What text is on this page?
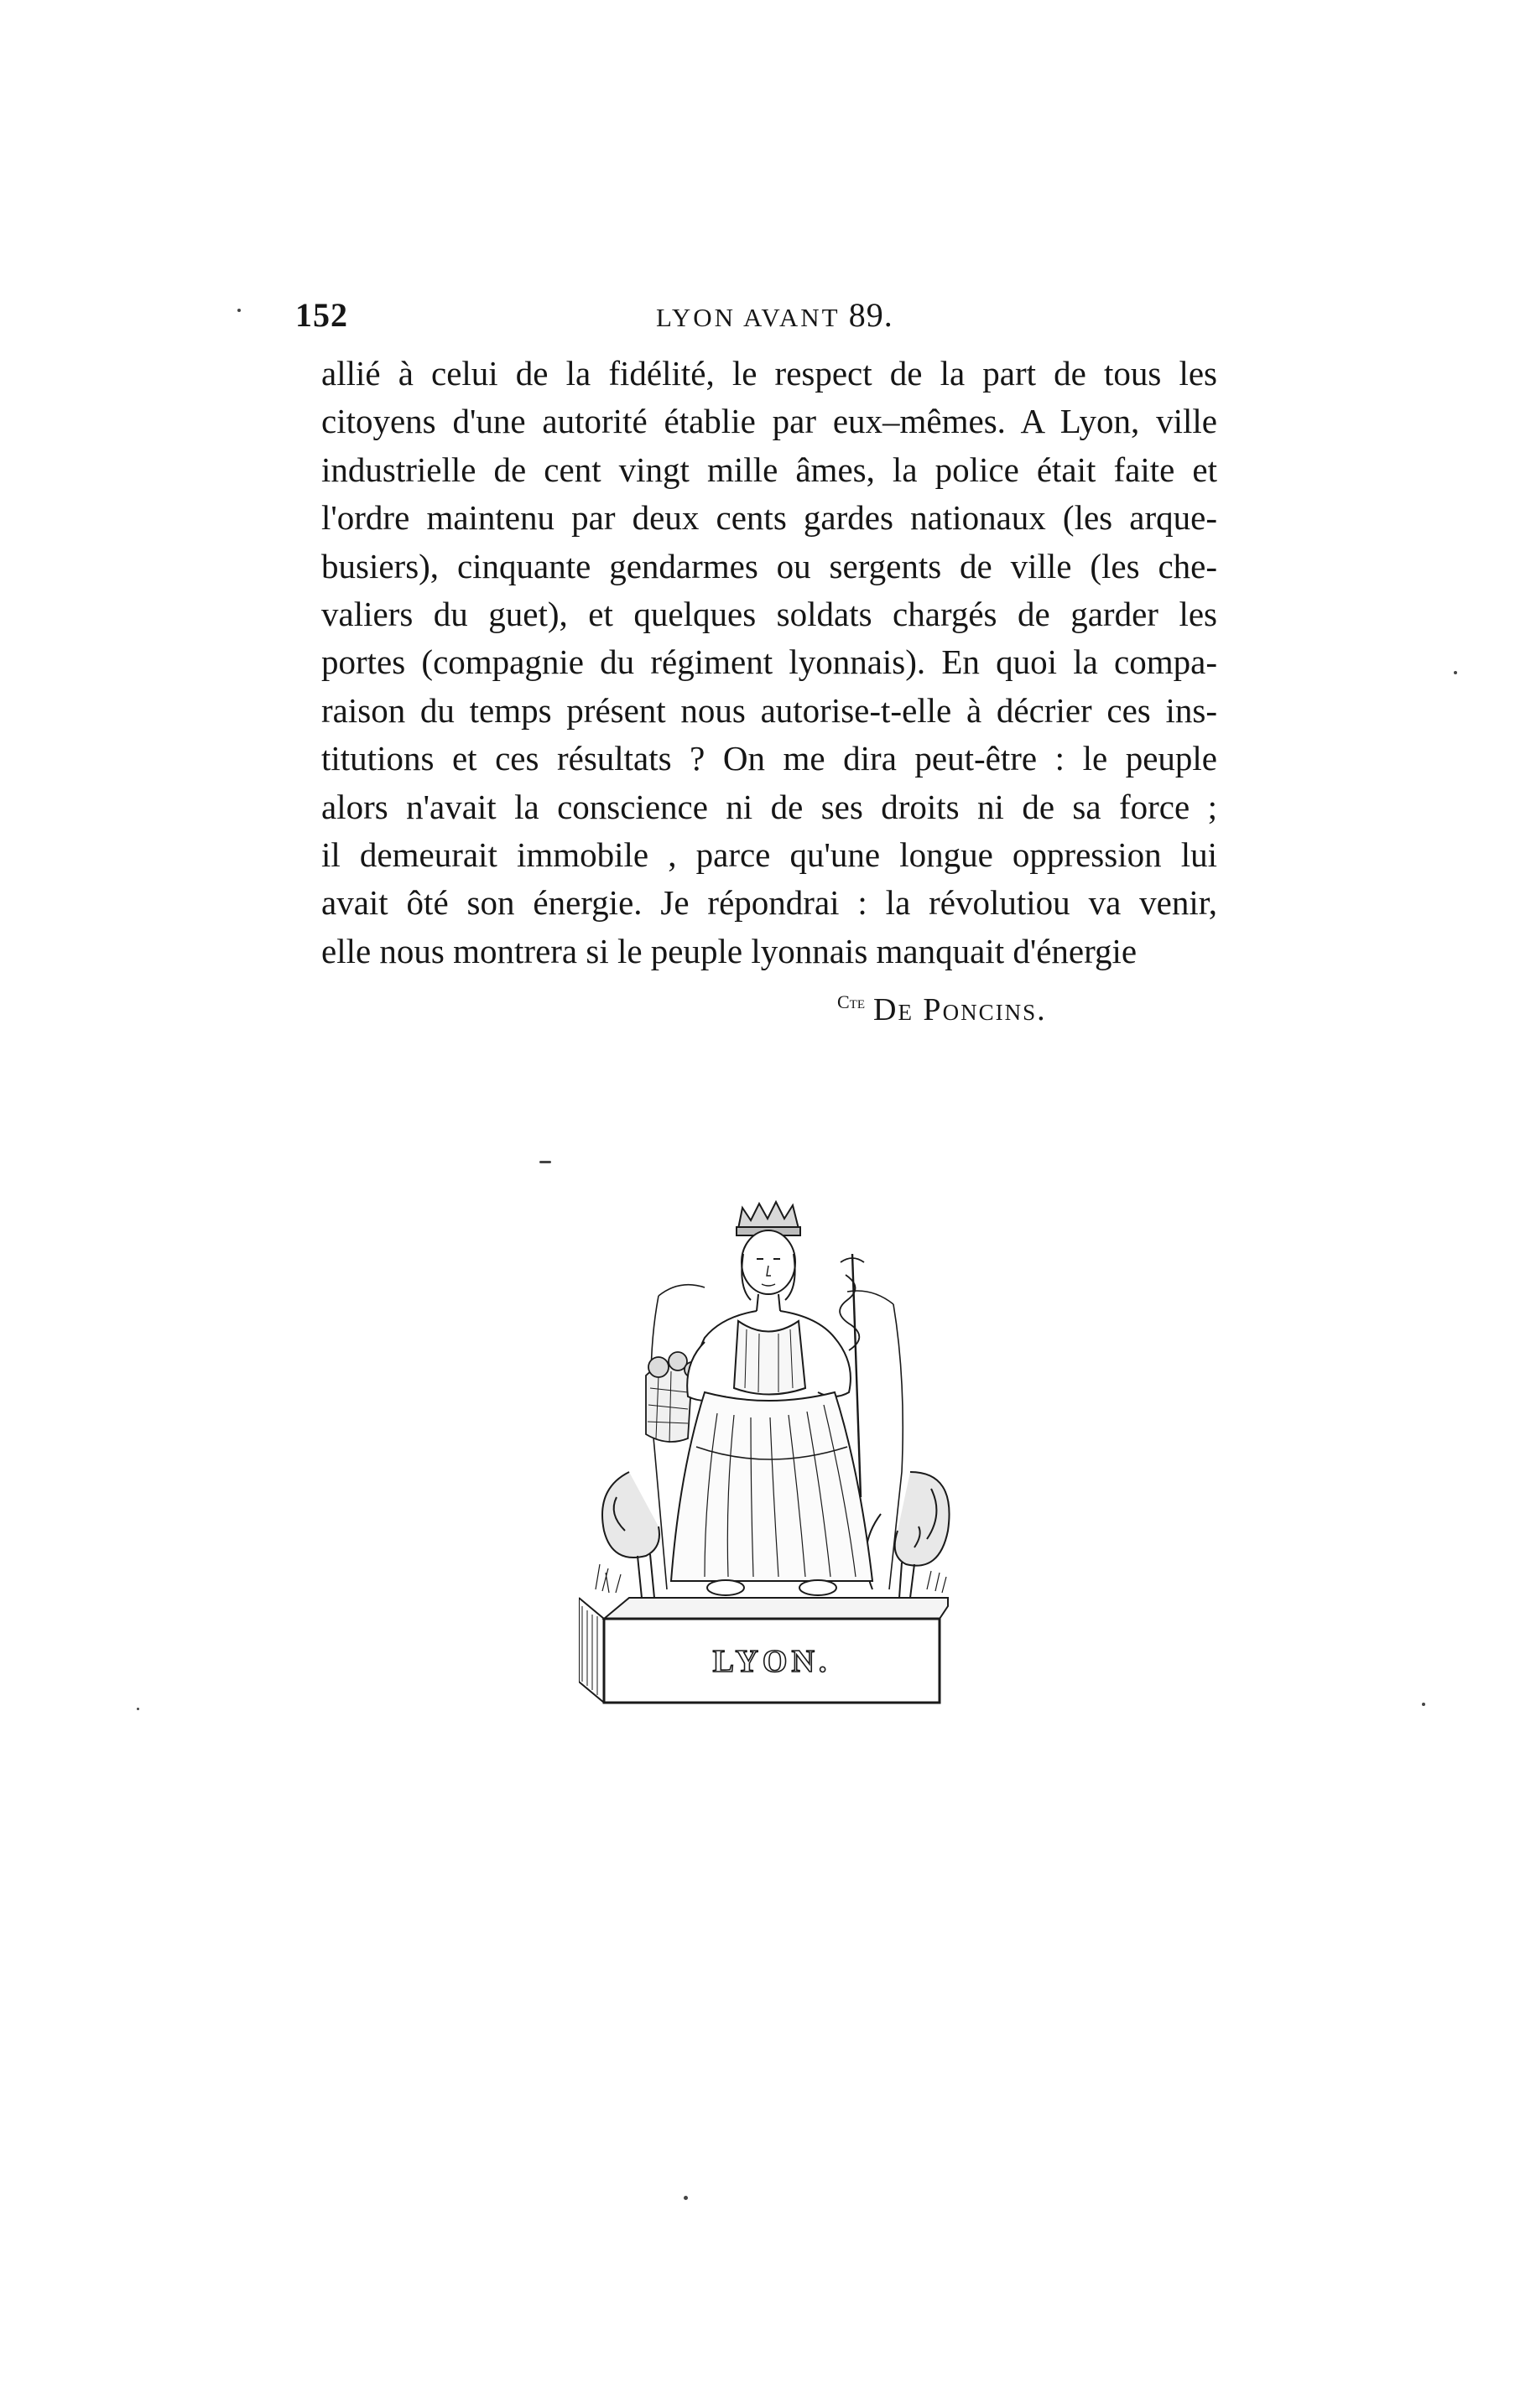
152	LYON AVANT 89.
allié à celui de la fidélité, le respect de la part de tous les
citoyens d'une autorité établie par eux–mêmes. A Lyon, ville
industrielle de cent vingt mille âmes, la police était faite et
l'ordre maintenu par deux cents gardes nationaux (les arque-
busiers), cinquante gendarmes ou sergents de ville (les che-
valiers du guet), et quelques soldats chargés de garder les
portes (compagnie du régiment lyonnais). En quoi la compa-
raison du temps présent nous autorise-t-elle à décrier ces ins-
titutions et ces résultats ? On me dira peut-être : le peuple
alors n'avait la conscience ni de ses droits ni de sa force ;
il demeurait immobile , parce qu'une longue oppression lui
avait ôté son énergie. Je répondrai : la révolutiou va venir,
elle nous montrera si le peuple lyonnais manquait d'énergie
$^{Cte}$ De Poncins.
LYON.
